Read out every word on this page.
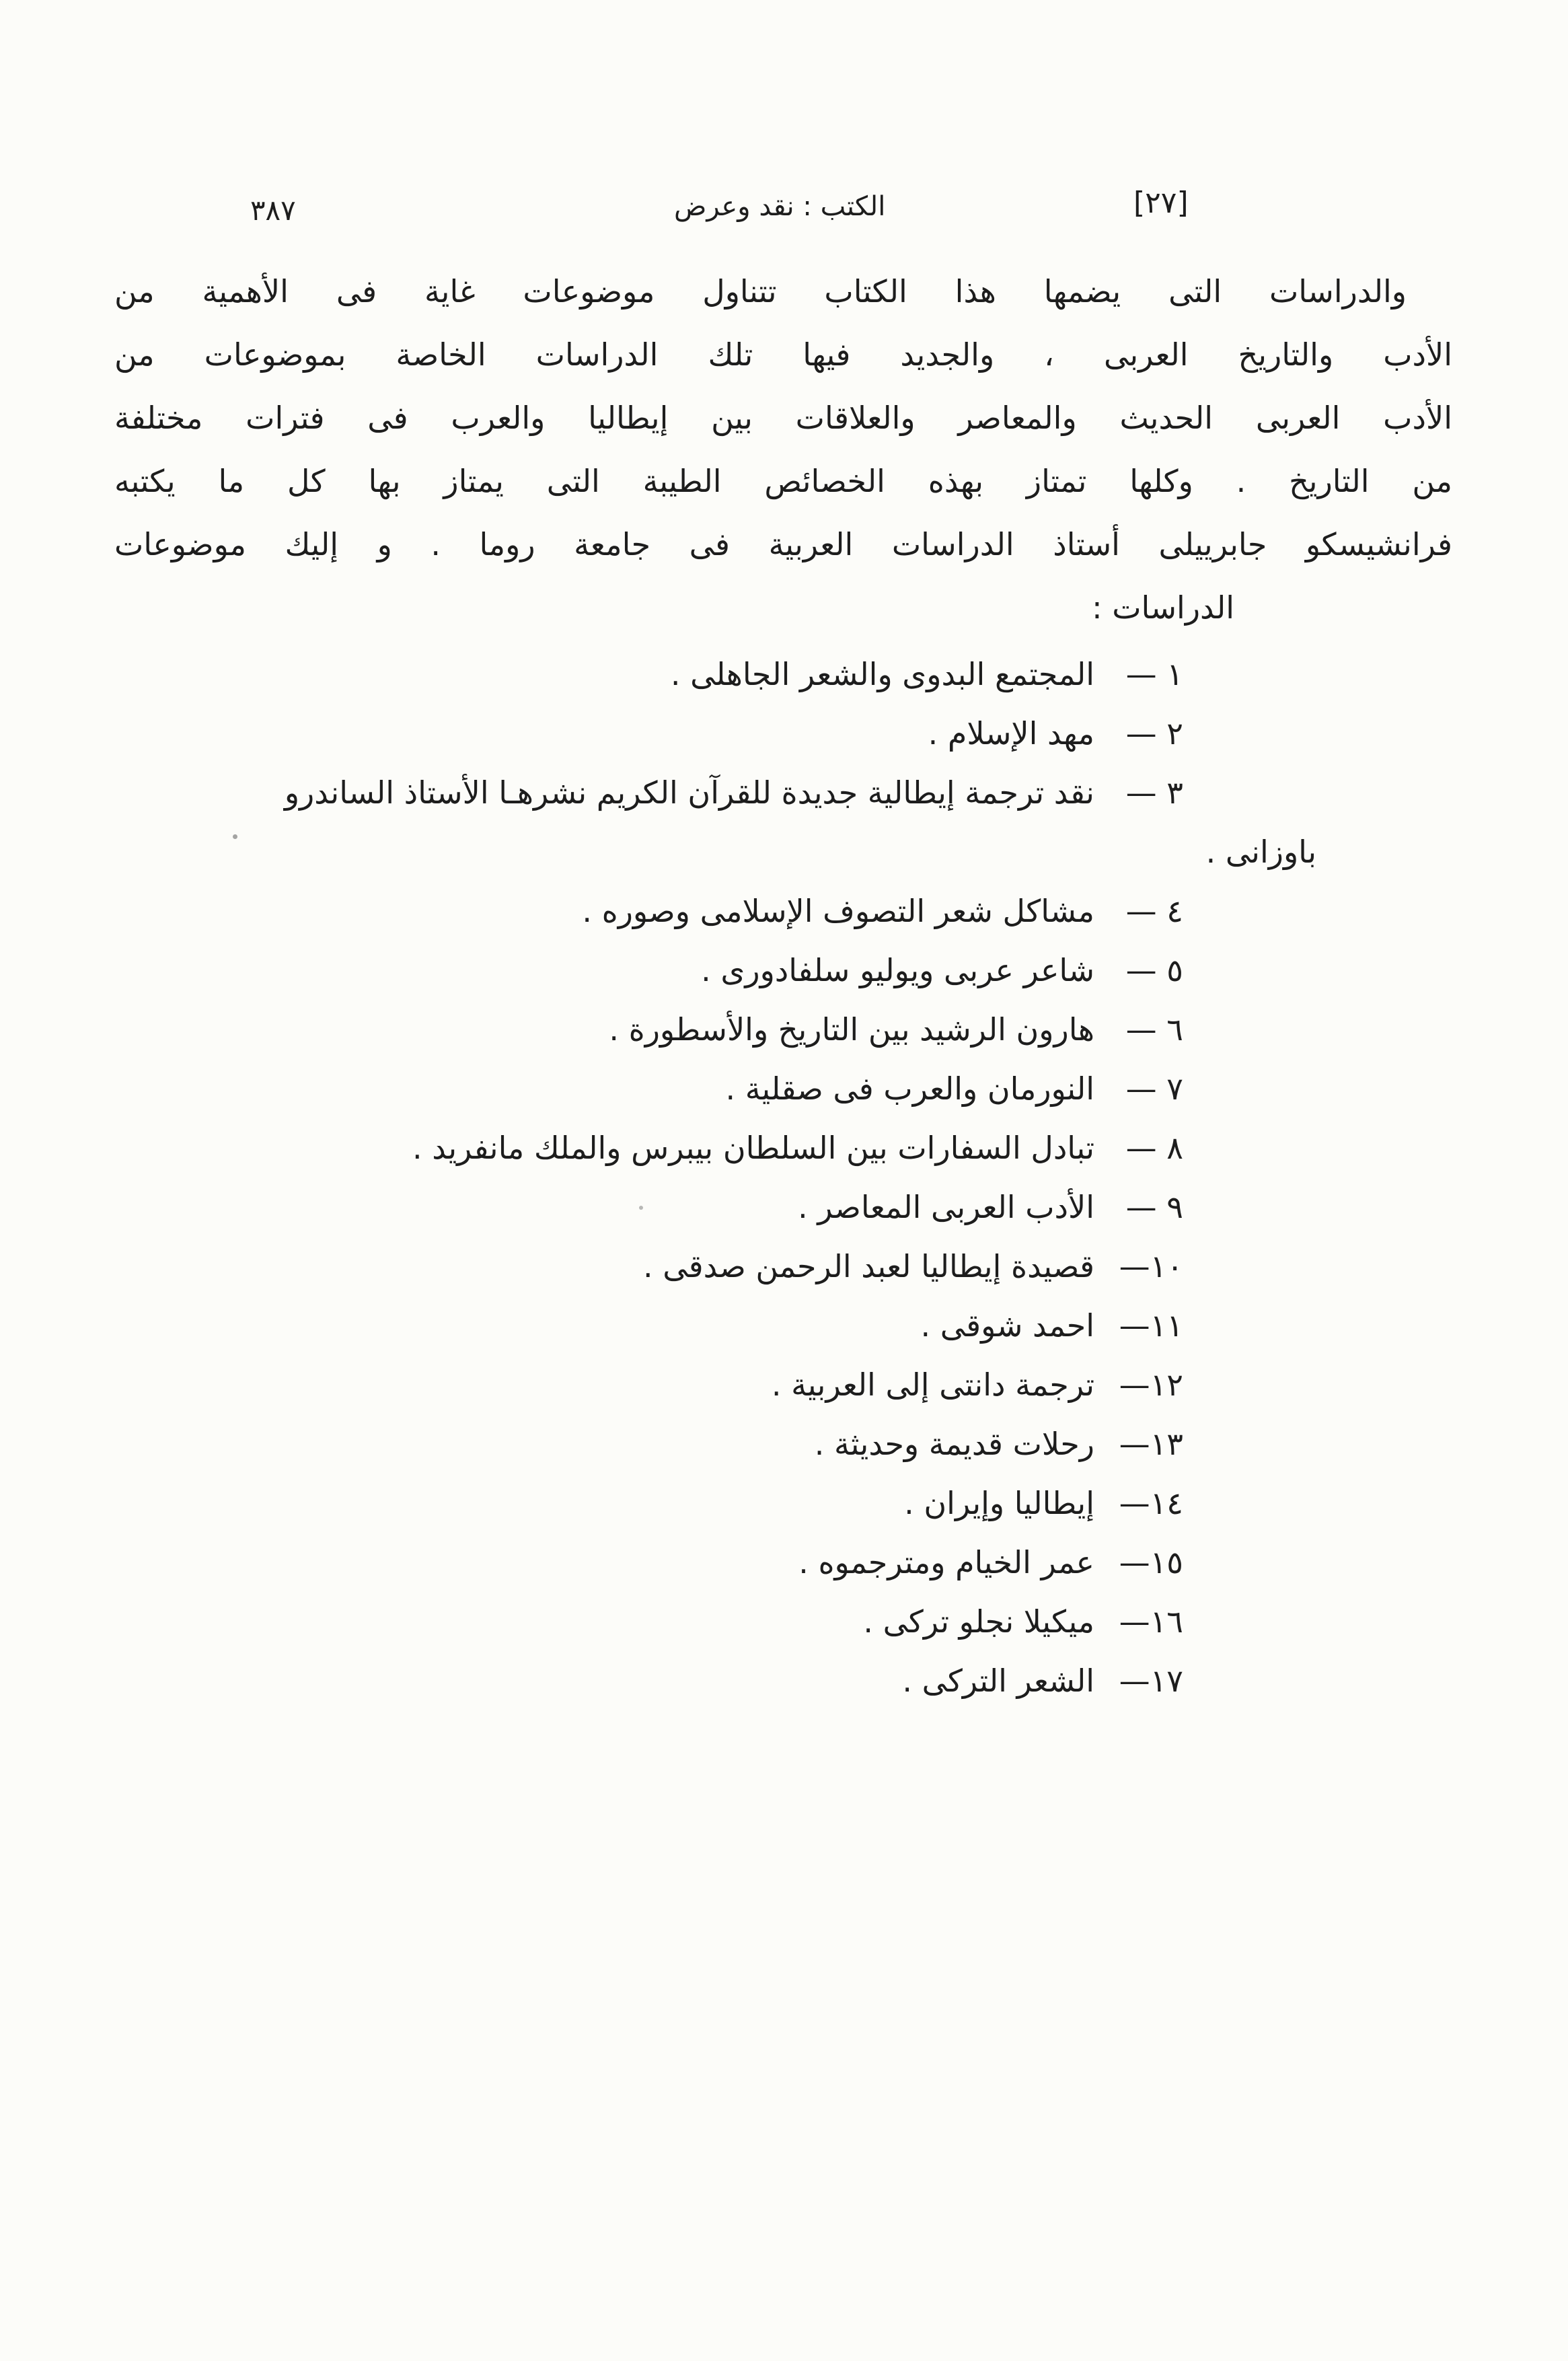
٣٨٧	الكتب : نقد وعرض	[٢٧]
والدراسات التى يضمها هذا الكتاب تتناول موضوعات غاية فى الأهمية من
الأدب والتاريخ العربى ، والجديد فيها تلك الدراسات الخاصة بموضوعات من
الأدب العربى الحديث والمعاصر والعلاقات بين إيطاليا والعرب فى فترات مختلفة
من التاريخ . وكلها تمتاز بهذه الخصائص الطيبة التى يمتاز بها كل ما يكتبه
فرانشيسكو جابرييلى أستاذ الدراسات العربية فى جامعة روما . و إليك موضوعات
الدراسات :
١ —المجتمع البدوى والشعر الجاهلى .
٢ —مهد الإسلام .
٣ —نقد ترجمة إيطالية جديدة للقرآن الكريم نشرهـا الأستاذ الساندرو
باوزانى .
٤ —مشاكل شعر التصوف الإسلامى وصوره .
٥ —شاعر عربى ويوليو سلفادورى .
٦ —هارون الرشيد بين التاريخ والأسطورة .
٧ —النورمان والعرب فى صقلية .
٨ —تبادل السفارات بين السلطان بيبرس والملك مانفريد .
٩ —الأدب العربى المعاصر .
١٠—قصيدة إيطاليا لعبد الرحمن صدقى .
١١—احمد شوقى .
١٢—ترجمة دانتى إلى العربية .
١٣—رحلات قديمة وحديثة .
١٤—إيطاليا وإيران .
١٥—عمر الخيام ومترجموه .
١٦—ميكيلا نجلو تركى .
١٧—الشعر التركى .
